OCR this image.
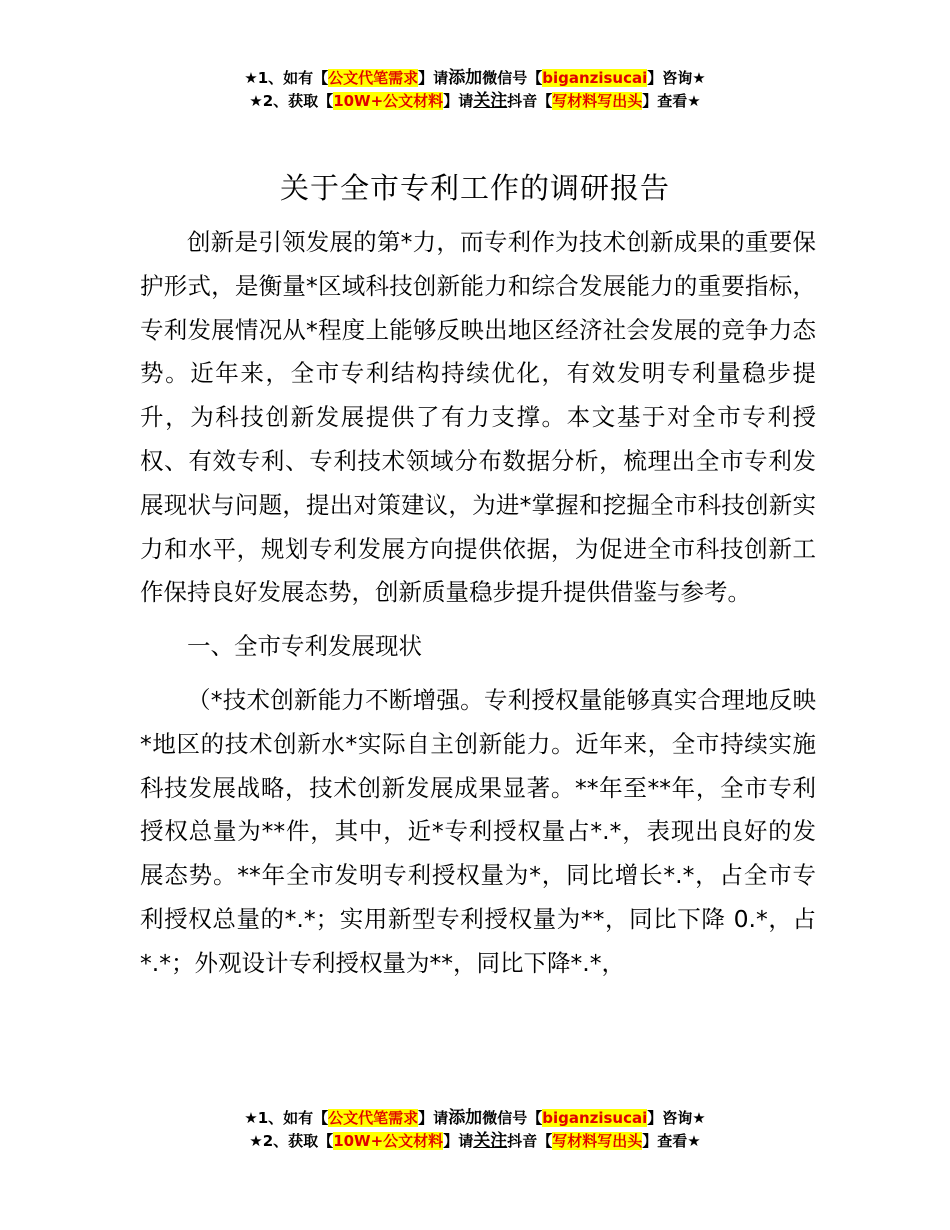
★1、如有【公文代笔需求】请添加微信号【biganzisucai】咨询★
★2、获取【10W+公文材料】请关注抖音【写材料写出头】查看★
关于全市专利工作的调研报告

创新是引领发展的第*力，而专利作为技术创新成果的重要保护形式，是衡量*区域科技创新能力和综合发展能力的重要指标，专利发展情况从*程度上能够反映出地区经济社会发展的竞争力态势。近年来，全市专利结构持续优化，有效发明专利量稳步提升，为科技创新发展提供了有力支撑。本文基于对全市专利授权、有效专利、专利技术领域分布数据分析，梳理出全市专利发展现状与问题，提出对策建议，为进*掌握和挖掘全市科技创新实力和水平，规划专利发展方向提供依据，为促进全市科技创新工作保持良好发展态势，创新质量稳步提升提供借鉴与参考。

一、全市专利发展现状

（*技术创新能力不断增强。专利授权量能够真实合理地反映*地区的技术创新水*实际自主创新能力。近年来，全市持续实施科技发展战略，技术创新发展成果显著。**年至**年，全市专利授权总量为**件，其中，近*专利授权量占*.*，表现出良好的发展态势。**年全市发明专利授权量为*，同比增长*.*，占全市专利授权总量的*.*；实用新型专利授权量为**，同比下降 0.*，占*.*；外观设计专利授权量为**，同比下降*.*，

★1、如有【公文代笔需求】请添加微信号【biganzisucai】咨询★
★2、获取【10W+公文材料】请关注抖音【写材料写出头】查看★
